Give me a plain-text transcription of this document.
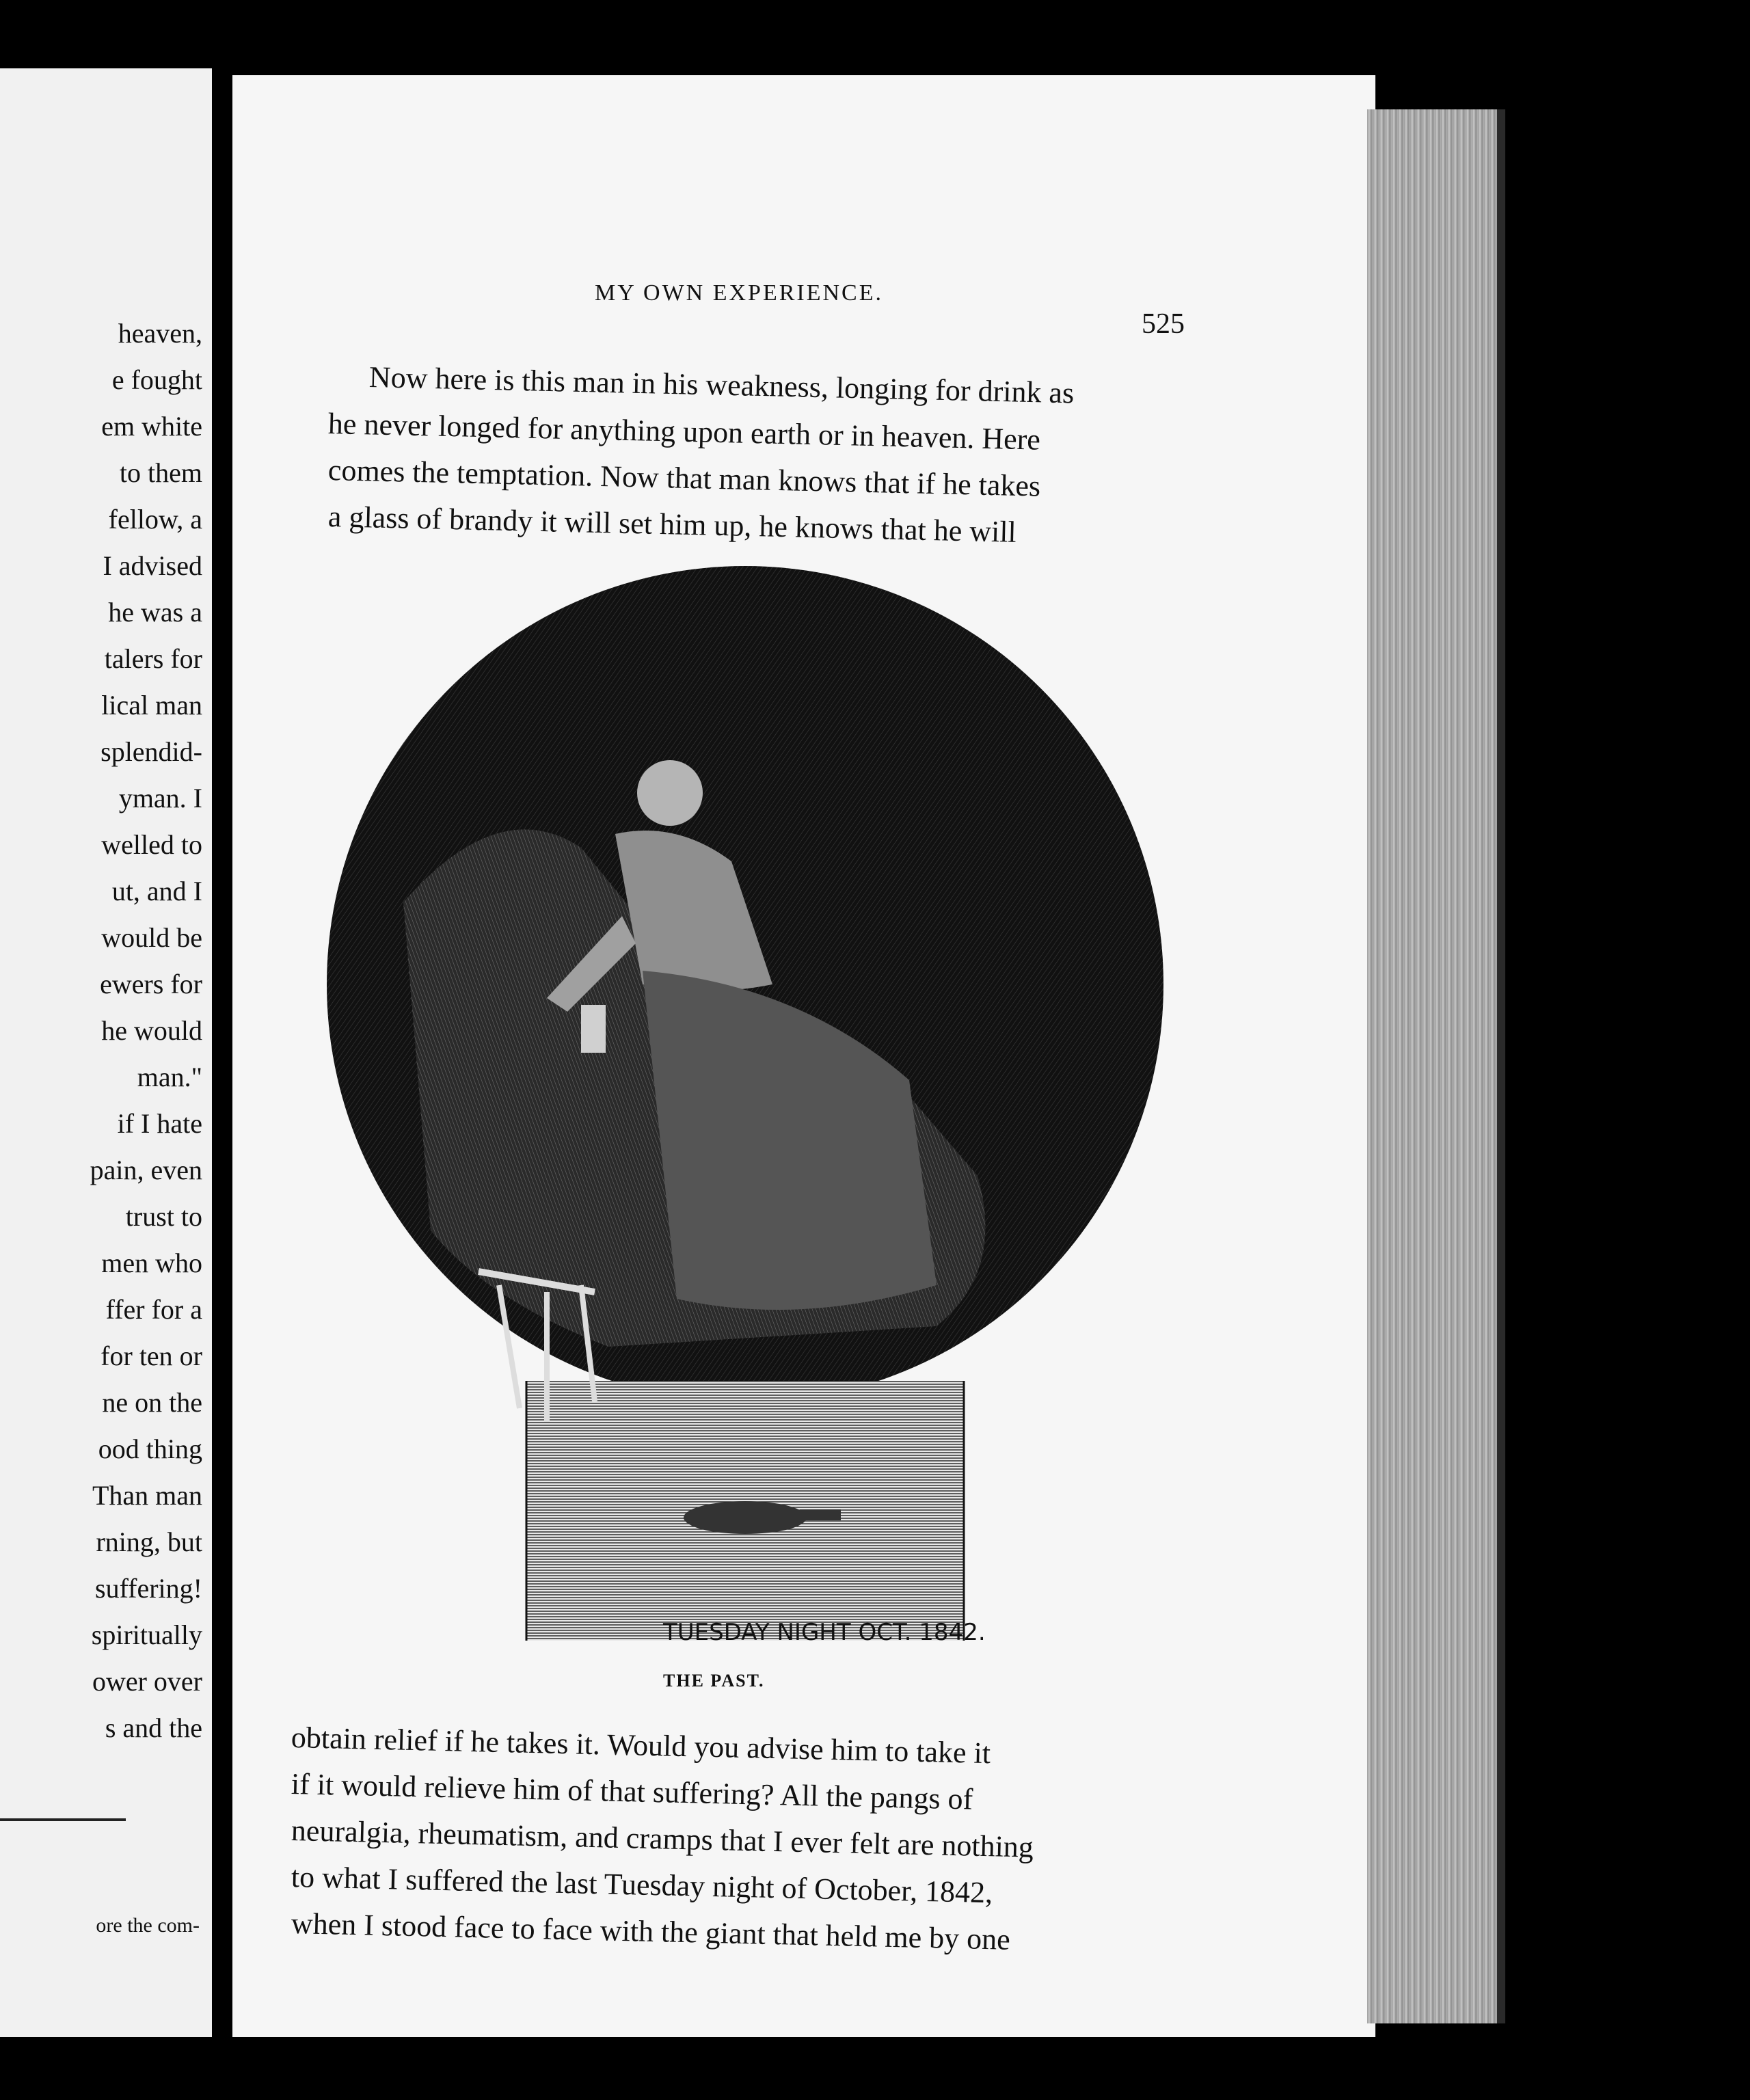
heaven,
e fought
em white
to them
fellow, a
I advised
he was a
talers for
lical man
splendid-
yman. I
welled to
ut, and I
would be
ewers for
he would
man."
if I hate
pain, even
trust to
men who
ffer for a
for ten or
ne on the
ood thing
Than man
rning, but
suffering!
spiritually
ower over
s and the
ore the com-
MY OWN EXPERIENCE.
525
Now here is this man in his weakness, longing for drink as
he never longed for anything upon earth or in heaven. Here
comes the temptation. Now that man knows that if he takes
a glass of brandy it will set him up, he knows that he will
TUESDAY NIGHT OCT. 1842.
THE PAST.
obtain relief if he takes it. Would you advise him to take it
if it would relieve him of that suffering? All the pangs of
neuralgia, rheumatism, and cramps that I ever felt are nothing
to what I suffered the last Tuesday night of October, 1842,
when I stood face to face with the giant that held me by one
